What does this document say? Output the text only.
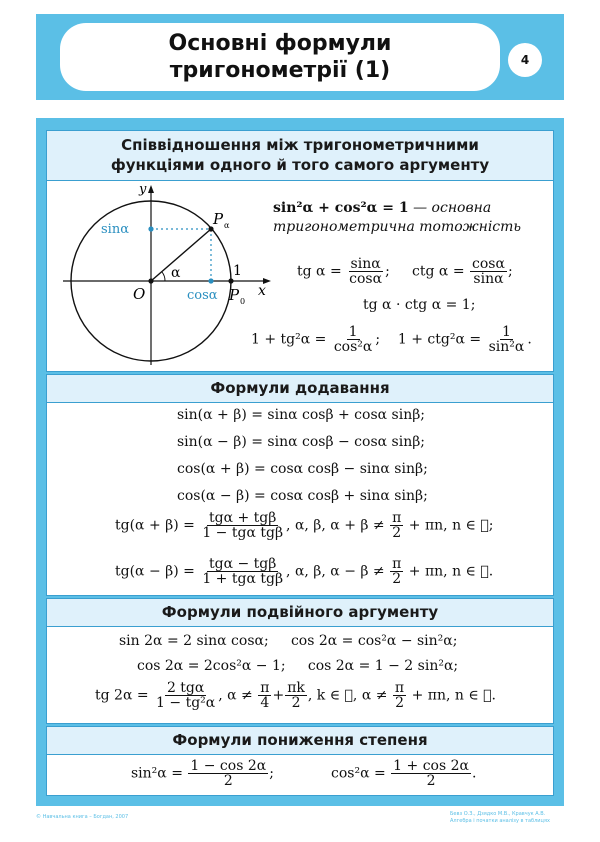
Основні формули
тригонометрії (1)	4
Співвідношення між тригонометричними
функціями одного й того самого аргументу
y
x
O
α
P α
1
P 0
sinα
cosα
sin²α + cos²α = 1 — основна тригонометрична тотожність
tg $\alpha = \frac{\sin\alpha}{\cos\alpha}$ ; ctg $\alpha = \frac{\cos\alpha}{\sin\alpha}$ ;
tg α · ctg α = 1;
$1 + tg^2\alpha = \frac{1}{\text{cos²α}}$ ; $1 + ctg^2\alpha = \frac{1}{\text{sin²α}}$ .
Формули додавання
sin(α + β) = sinα cosβ + cosα sinβ;
sin(α − β) = sinα cosβ − cosα sinβ;
cos(α + β) = cosα cosβ − sinα sinβ;
cos(α − β) = cosα cosβ + sinα sinβ;
$tg(\alpha + \beta) = \frac{\text{tgα + tgβ}}{\text{1 − tgα tgβ}}$ , α, β, $\alpha + \beta \ne \frac{\pi}{2} + \pi n$, n ∈ ⃞;
$tg(\alpha - \beta) = \frac{\text{tgα − tgβ}}{\text{1 + tgα tgβ}}$ , α, β, $\alpha - \beta \ne \frac{\pi}{2} + \pi n$, n ∈ ⃞.
Формули подвійного аргументу
sin 2α = 2 sinα cosα; cos 2α = cos²α − sin²α;
cos 2α = 2cos²α − 1; cos 2α = 1 − 2 sin²α;
tg $2\alpha = \frac{\text{2 tgα}}{\text{1 − tg²α}}$ , $\alpha \ne \frac{\pi}{4} + \frac{\pi k}{2}$ , k ∈ ⃞, $\alpha \ne \frac{\pi}{2} + \pi n$, n ∈ ⃞.
Формули пониження степеня
$\sin^2\alpha = \frac{1 - \cos 2\alpha}{2}$ ;	$\cos^2\alpha = \frac{1 + \cos 2\alpha}{2}$ .
© Навчальна книга – Богдан, 2007	Бевз О.З., Дзядко М.В., Кравчук А.В.
Алгебра і початки аналізу в таблицях
